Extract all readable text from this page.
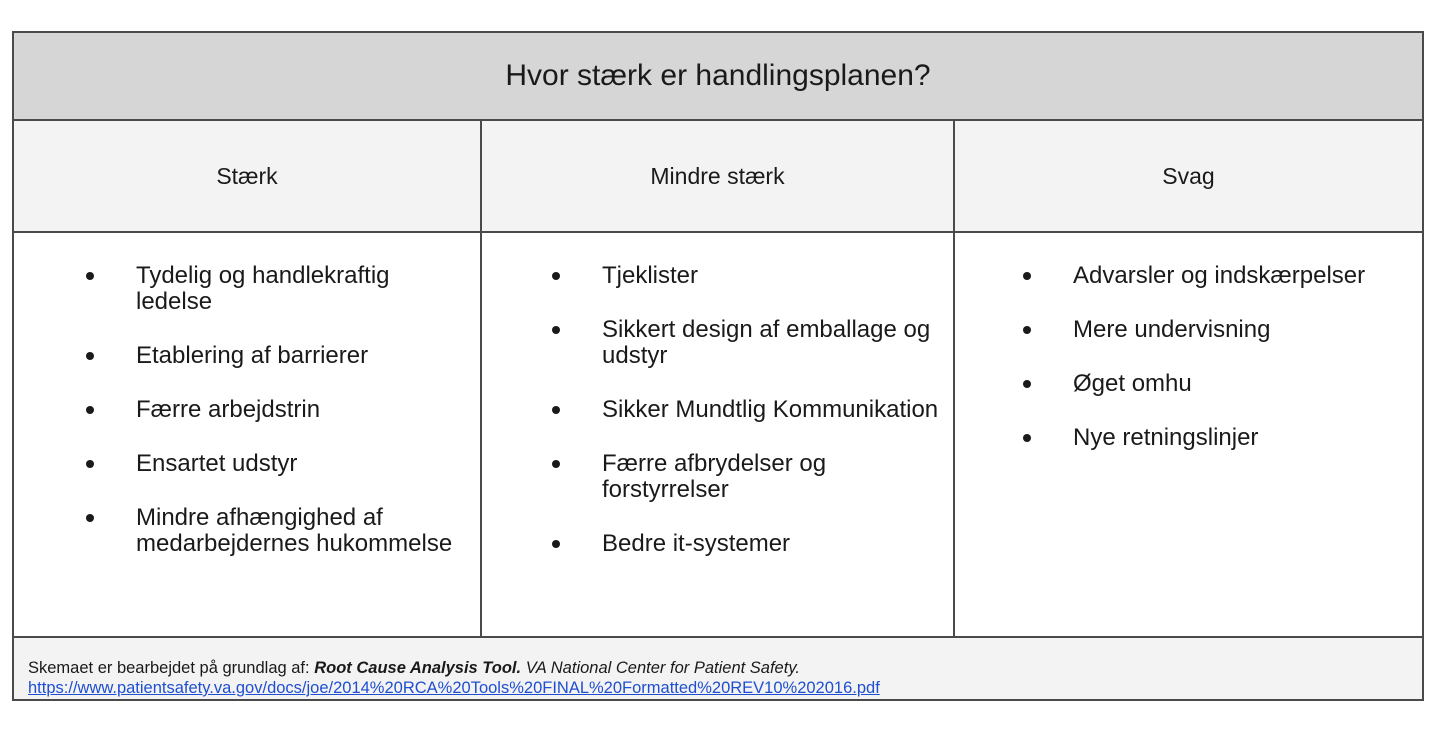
Hvor stærk er handlingsplanen?
Stærk	Mindre stærk	Svag
Tydelig og handlekraftig ledelse
Etablering af barrierer
Færre arbejdstrin
Ensartet udstyr
Mindre afhængighed af medarbejdernes hukommelse
Tjeklister
Sikkert design af emballage og udstyr
Sikker Mundtlig Kommunikation
Færre afbrydelser og forstyrrelser
Bedre it-systemer
Advarsler og indskærpelser
Mere undervisning
Øget omhu
Nye retningslinjer
Skemaet er bearbejdet på grundlag af: Root Cause Analysis Tool. VA National Center for Patient Safety.
https://www.patientsafety.va.gov/docs/joe/2014%20RCA%20Tools%20FINAL%20Formatted%20REV10%202016.pdf
